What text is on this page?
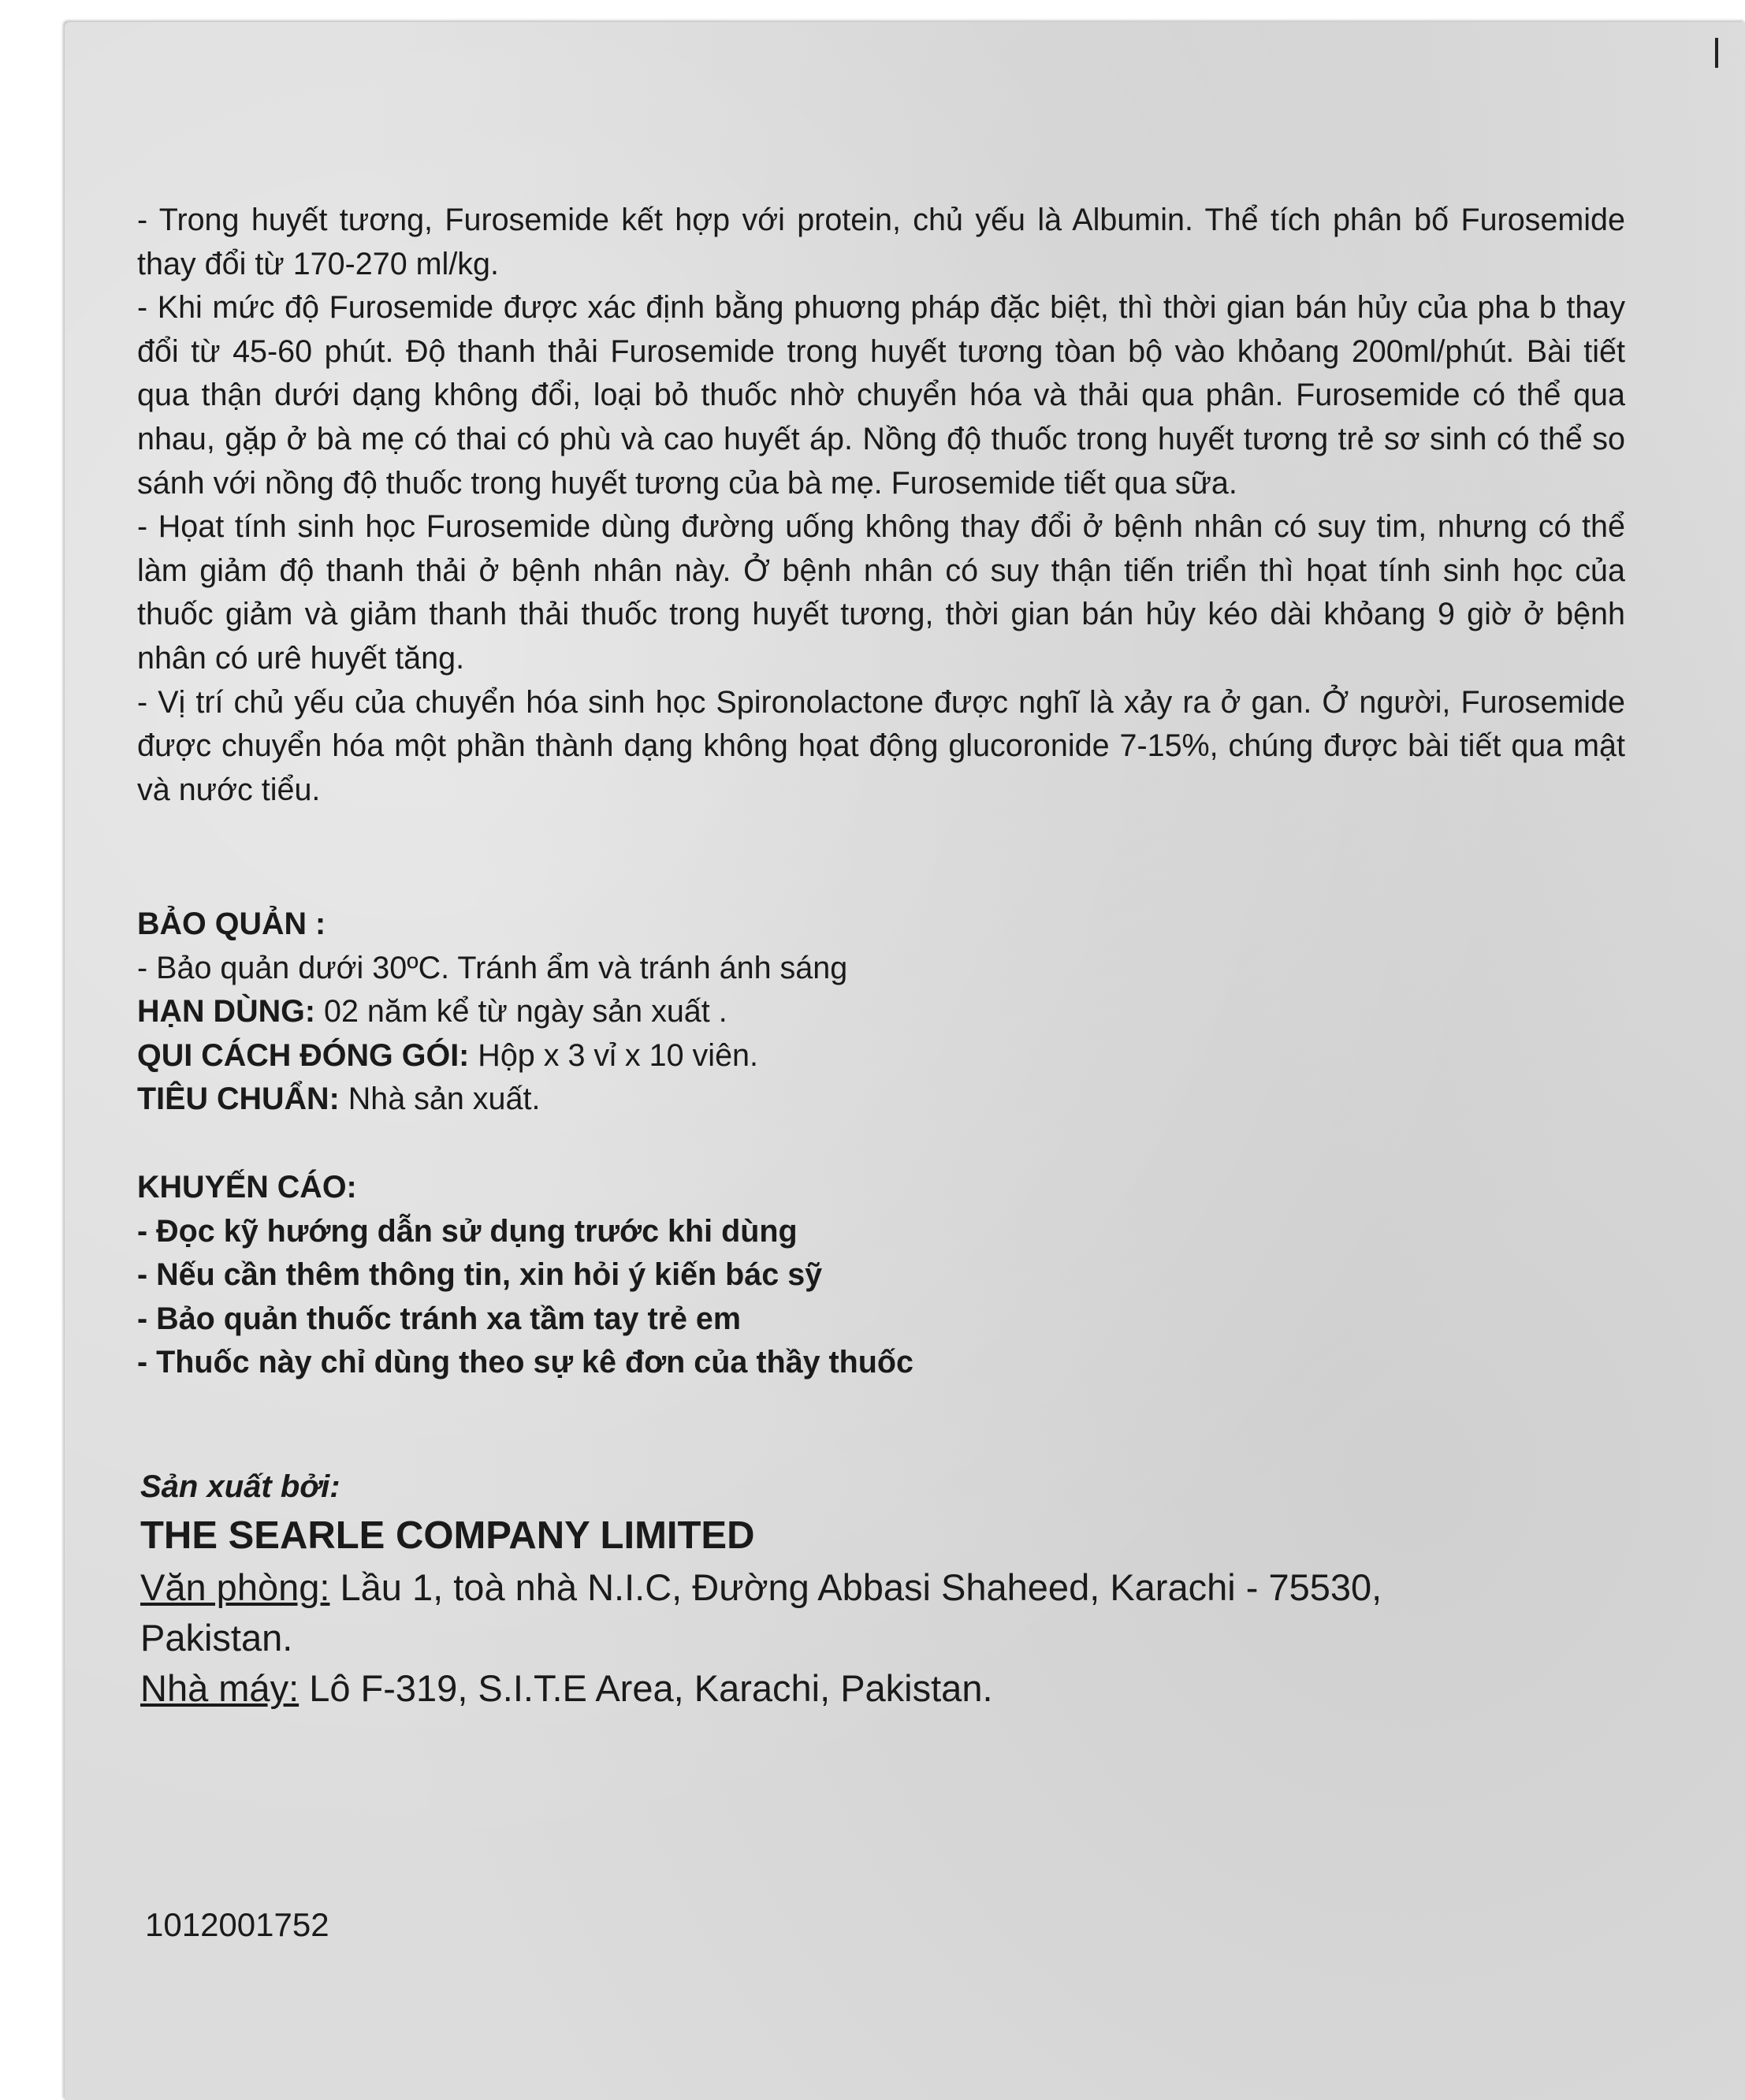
- Trong huyết tương, Furosemide kết hợp với protein, chủ yếu là Albumin. Thể tích phân bố Furosemide thay đổi từ 170-270 ml/kg.

- Khi mức độ Furosemide được xác định bằng phuơng pháp đặc biệt, thì thời gian bán hủy của pha b thay đổi từ 45-60 phút. Độ thanh thải Furosemide trong huyết tương tòan bộ vào khỏang 200ml/phút. Bài tiết qua thận dưới dạng không đổi, loại bỏ thuốc nhờ chuyển hóa và thải qua phân. Furosemide có thể qua nhau, gặp ở bà mẹ có thai có phù và cao huyết áp. Nồng độ thuốc trong huyết tương trẻ sơ sinh có thể so sánh với nồng độ thuốc trong huyết tương của bà mẹ. Furosemide tiết qua sữa.

- Họat tính sinh học Furosemide dùng đường uống không thay đổi ở bệnh nhân có suy tim, nhưng có thể làm giảm độ thanh thải ở bệnh nhân này. Ở bệnh nhân có suy thận tiến triển thì họat tính sinh học của thuốc giảm và giảm thanh thải thuốc trong huyết tương, thời gian bán hủy kéo dài khỏang 9 giờ ở bệnh nhân có urê huyết tăng.

- Vị trí chủ yếu của chuyển hóa sinh học Spironolactone được nghĩ là xảy ra ở gan. Ở người, Furosemide được chuyển hóa một phần thành dạng không họat động glucoronide 7-15%, chúng được bài tiết qua mật và nước tiểu.

BẢO QUẢN :

- Bảo quản dưới 30ºC. Tránh ẩm và tránh ánh sáng

HẠN DÙNG: 02 năm kể từ ngày sản xuất .

QUI CÁCH ĐÓNG GÓI: Hộp x 3 vỉ x 10 viên.

TIÊU CHUẨN: Nhà sản xuất.

KHUYẾN CÁO:

- Đọc kỹ hướng dẫn sử dụng trước khi dùng

- Nếu cần thêm thông tin, xin hỏi ý kiến bác sỹ

- Bảo quản thuốc tránh xa tầm tay trẻ em

- Thuốc này chỉ dùng theo sự kê đơn của thầy thuốc

Sản xuất bởi:

THE SEARLE COMPANY LIMITED

Văn phòng: Lầu 1, toà nhà N.I.C, Đường Abbasi Shaheed, Karachi - 75530,

Pakistan.

Nhà máy: Lô F-319, S.I.T.E Area, Karachi, Pakistan.

1012001752
